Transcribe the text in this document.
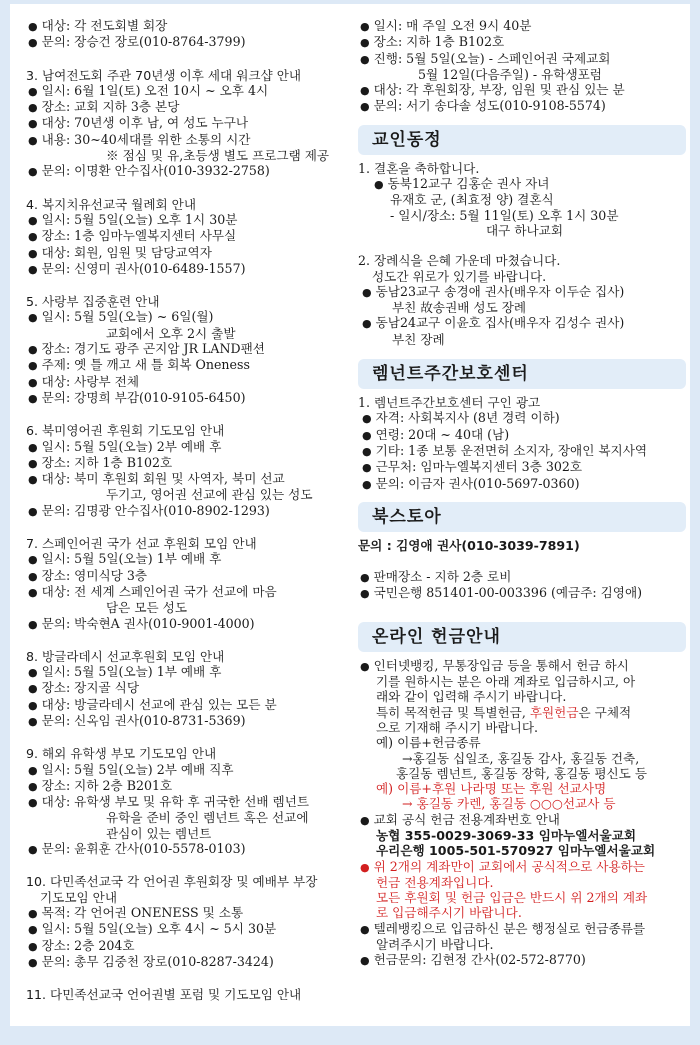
● 대상: 각 전도회별 회장
● 문의: 장승건 장로(010-8764-3799)
3. 남여전도회 주관 70년생 이후 세대 워크샵 안내
● 일시: 6월 1일(토) 오전 10시 ~ 오후 4시
● 장소: 교회 지하 3층 본당
● 대상: 70년생 이후 남, 여 성도 누구나
● 내용: 30~40세대를 위한 소통의 시간
※ 점심 및 유,초등생 별도 프로그램 제공
● 문의: 이명환 안수집사(010-3932-2758)
4. 복지치유선교국 월례회 안내
● 일시: 5월 5일(오늘) 오후 1시 30분
● 장소: 1층 임마누엘복지센터 사무실
● 대상: 회원, 임원 및 담당교역자
● 문의: 신영미 권사(010-6489-1557)
5. 사랑부 집중훈련 안내
● 일시: 5월 5일(오늘) ~ 6일(월)
교회에서 오후 2시 출발
● 장소: 경기도 광주 곤지암 JR LAND팬션
● 주제: 옛 틀 깨고 새 틀 회복 Oneness
● 대상: 사랑부 전체
● 문의: 강명희 부감(010-9105-6450)
6. 북미영어권 후원회 기도모임 안내
● 일시: 5월 5일(오늘) 2부 예배 후
● 장소: 지하 1층 B102호
● 대상: 북미 후원회 회원 및 사역자, 북미 선교
두기고, 영어권 선교에 관심 있는 성도
● 문의: 김명광 안수집사(010-8902-1293)
7. 스페인어권 국가 선교 후원회 모임 안내
● 일시: 5월 5일(오늘) 1부 예배 후
● 장소: 영미식당 3층
● 대상: 전 세계 스페인어권 국가 선교에 마음
담은 모든 성도
● 문의: 박숙현A 권사(010-9001-4000)
8. 방글라데시 선교후원회 모임 안내
● 일시: 5월 5일(오늘) 1부 예배 후
● 장소: 장지골 식당
● 대상: 방글라데시 선교에 관심 있는 모든 분
● 문의: 신옥임 권사(010-8731-5369)
9. 해외 유학생 부모 기도모임 안내
● 일시: 5월 5일(오늘) 2부 예배 직후
● 장소: 지하 2층 B201호
● 대상: 유학생 부모 및 유학 후 귀국한 선배 렘넌트
유학을 준비 중인 렘넌트 혹은 선교에
관심이 있는 렘넌트
● 문의: 윤휘훈 간사(010-5578-0103)
10. 다민족선교국 각 언어권 후원회장 및 예배부 부장
기도모임 안내
● 목적: 각 언어권 ONENESS 및 소통
● 일시: 5월 5일(오늘) 오후 4시 ~ 5시 30분
● 장소: 2층 204호
● 문의: 총무 김중천 장로(010-8287-3424)
11. 다민족선교국 언어권별 포럼 및 기도모임 안내
● 일시: 매 주일 오전 9시 40분
● 장소: 지하 1층 B102호
● 진행: 5월 5일(오늘) - 스페인어권 국제교회
5월 12일(다음주일) - 유학생포럼
● 대상: 각 후원회장, 부장, 임원 및 관심 있는 분
● 문의: 서기 송다솔 성도(010-9108-5574)
교인동정
1. 결혼을 축하합니다.
● 동북12교구 김홍순 권사 자녀
유재호 군, (최효정 양) 결혼식
- 일시/장소: 5월 11일(토) 오후 1시 30분
대구 하나교회
2. 장례식을 은혜 가운데 마쳤습니다.
성도간 위로가 있기를 바랍니다.
● 동남23교구 송경애 권사(배우자 이두순 집사)
부친 故송권배 성도 장례
● 동남24교구 이윤호 집사(배우자 김성수 권사)
부친 장례
렘넌트주간보호센터
1. 렘넌트주간보호센터 구인 광고
● 자격: 사회복지사 (8년 경력 이하)
● 연령: 20대 ~ 40대 (남)
● 기타: 1종 보통 운전면허 소지자, 장애인 복지사역
● 근무처: 임마누엘복지센터 3층 302호
● 문의: 이금자 권사(010-5697-0360)
북스토아
문의 : 김영애 권사(010-3039-7891)
● 판매장소 - 지하 2층 로비
● 국민은행 851401-00-003396 (예금주: 김영애)
온라인 헌금안내
● 인터넷뱅킹, 무통장입금 등을 통해서 헌금 하시
기를 원하시는 분은 아래 계좌로 입금하시고, 아
래와 같이 입력해 주시기 바랍니다.
특히 목적헌금 및 특별헌금, 후원헌금은 구체적
으로 기재해 주시기 바랍니다.
예) 이름+헌금종류
→홍길동 십일조, 홍길동 감사, 홍길동 건축,
홍길동 렘넌트, 홍길동 장학, 홍길동 평신도 등
예) 이름+후원 나라명 또는 후원 선교사명
→ 홍길동 카렌, 홍길동 ○○○선교사 등
● 교회 공식 헌금 전용계좌번호 안내
농협 355-0029-3069-33 임마누엘서울교회
우리은행 1005-501-570927 임마누엘서울교회
● 위 2개의 계좌만이 교회에서 공식적으로 사용하는
헌금 전용계좌입니다.
모든 후원회 및 헌금 입금은 반드시 위 2개의 계좌
로 입금해주시기 바랍니다.
● 텔레뱅킹으로 입금하신 분은 행정실로 헌금종류를
알려주시기 바랍니다.
● 헌금문의: 김현정 간사(02-572-8770)
